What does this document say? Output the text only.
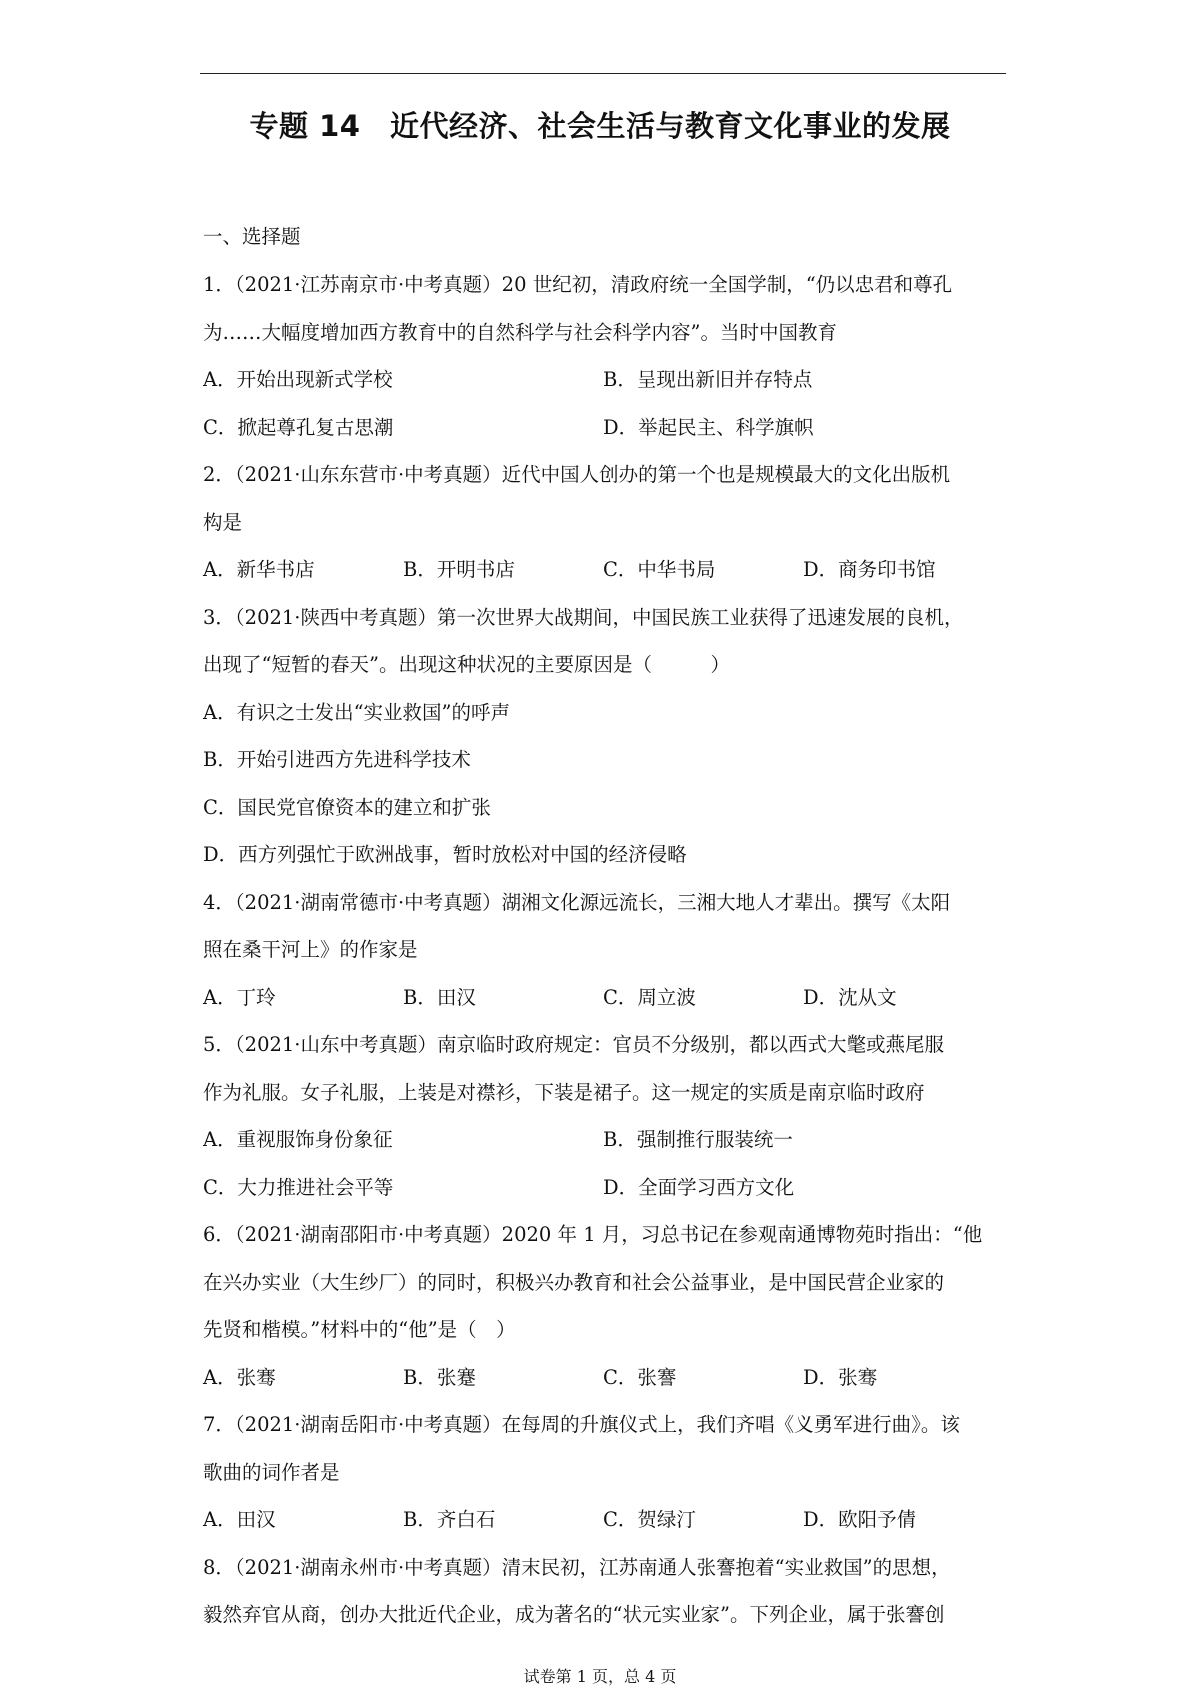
专题 14　近代经济、社会生活与教育文化事业的发展
一、选择题
1．（2021·江苏南京市·中考真题）20 世纪初，清政府统一全国学制，“仍以忠君和尊孔
为……大幅度增加西方教育中的自然科学与社会科学内容”。当时中国教育
A．开始出现新式学校	B．呈现出新旧并存特点
C．掀起尊孔复古思潮	D．举起民主、科学旗帜
2．（2021·山东东营市·中考真题）近代中国人创办的第一个也是规模最大的文化出版机
构是
A．新华书店	B．开明书店	C．中华书局	D．商务印书馆
3．（2021·陕西中考真题）第一次世界大战期间，中国民族工业获得了迅速发展的良机，
出现了“短暂的春天”。出现这种状况的主要原因是（　　　）
A．有识之士发出“实业救国”的呼声
B．开始引进西方先进科学技术
C．国民党官僚资本的建立和扩张
D．西方列强忙于欧洲战事，暂时放松对中国的经济侵略
4．（2021·湖南常德市·中考真题）湖湘文化源远流长，三湘大地人才辈出。撰写《太阳
照在桑干河上》的作家是
A．丁玲	B．田汉	C．周立波	D．沈从文
5．（2021·山东中考真题）南京临时政府规定：官员不分级别，都以西式大氅或燕尾服
作为礼服。女子礼服，上装是对襟衫，下装是裙子。这一规定的实质是南京临时政府
A．重视服饰身份象征	B．强制推行服装统一
C．大力推进社会平等	D．全面学习西方文化
6．（2021·湖南邵阳市·中考真题）2020 年 1 月，习总书记在参观南通博物苑时指出：“他
在兴办实业（大生纱厂）的同时，积极兴办教育和社会公益事业，是中国民营企业家的
先贤和楷模。”材料中的“他”是（　）
A．张骞	B．张蹇	C．张謇	D．张骞
7．（2021·湖南岳阳市·中考真题）在每周的升旗仪式上，我们齐唱《义勇军进行曲》。该
歌曲的词作者是
A．田汉	B．齐白石	C．贺绿汀	D．欧阳予倩
8．（2021·湖南永州市·中考真题）清末民初，江苏南通人张謇抱着“实业救国”的思想，
毅然弃官从商，创办大批近代企业，成为著名的“状元实业家”。下列企业，属于张謇创
试卷第 1 页，总 4 页
